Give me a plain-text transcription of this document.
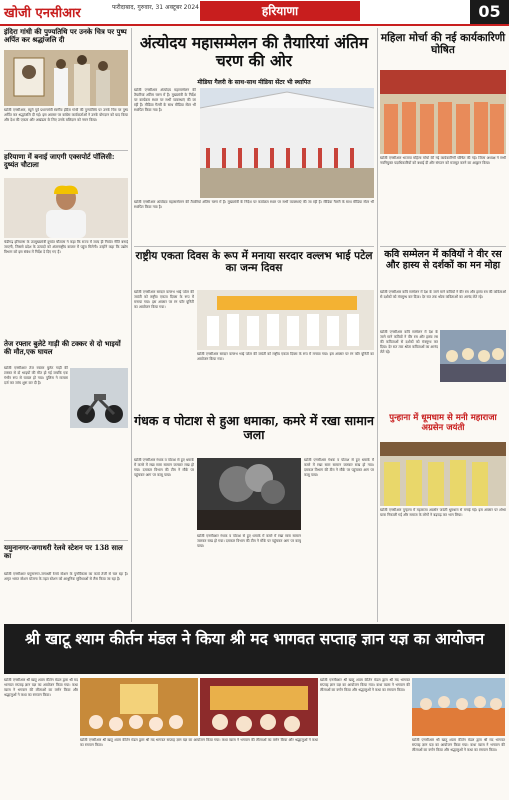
खोजी एनसीआर	फरीदाबाद, गुरुवार, 31 अक्टूबर 2024	हरियाणा	05
इंदिरा गांधी की पुण्यतिथि पर उनके चित्र पर पुष्प अर्पित कर श्रद्धांजलि दी
खोजी एनसीआर, ब्यूरो पूर्व प्रधानमंत्री स्वर्गीय इंदिरा गांधी की पुण्यतिथि पर उनके चित्र पर पुष्प अर्पित कर श्रद्धांजलि दी गई। इस अवसर पर कांग्रेस कार्यकर्ताओं ने उनके योगदान को याद किया और देश की एकता और अखंडता के लिए उनके बलिदान को नमन किया।
हरियाणा में बनाई जाएगी एक्सपोर्ट पॉलिसी: दुष्यंत चौटाला
चंडीगढ़ हरियाणा के उपमुख्यमंत्री दुष्यंत चौटाला ने कहा कि राज्य में जल्द ही निर्यात नीति बनाई जाएगी, जिससे प्रदेश के उत्पादों को अंतरराष्ट्रीय बाजार में पहुंच मिलेगी। उन्होंने कहा कि उद्योग विभाग को इस संबंध में निर्देश दे दिए गए हैं।
तेज रफ्तार बुलेटे गाड़ी की टक्कर से दो भाइयों की मौत,एक घायल
खोजी एनसीआर तेज रफ्तार बुलेट गाड़ी की टक्कर से दो भाइयों की मौत हो गई जबकि एक गंभीर रूप से घायल हो गया। पुलिस ने मामला दर्ज कर जांच शुरू कर दी है।
यमुनानगर-जगाधरी रेलवे स्टेशन पर 138 साल का
खोजी एनसीआर यमुनानगर-जगाधरी रेलवे स्टेशन के पुनर्विकास का कार्य तेजी से चल रहा है। अमृत भारत स्टेशन योजना के तहत स्टेशन को आधुनिक सुविधाओं से लैस किया जा रहा है।
अंत्योदय महासम्मेलन की तैयारियां अंतिम चरण की ओर
मीडिया गैलरी के साथ-साथ मीडिया सेंटर भी स्थापित
खोजी एनसीआर अंत्योदय महासम्मेलन की तैयारियां अंतिम चरण में हैं। मुख्यमंत्री के निर्देश पर कार्यक्रम स्थल पर सभी व्यवस्थाएं की जा रही हैं। मीडिया गैलरी के साथ मीडिया सेंटर भी स्थापित किया गया है।
खोजी एनसीआर अंत्योदय महासम्मेलन की तैयारियां अंतिम चरण में हैं। मुख्यमंत्री के निर्देश पर कार्यक्रम स्थल पर सभी व्यवस्थाएं की जा रही हैं। मीडिया गैलरी के साथ मीडिया सेंटर भी स्थापित किया गया है।
राष्ट्रीय एकता दिवस के रूप में मनाया सरदार वल्लभ भाई पटेल का जन्म दिवस
खोजी एनसीआर सरदार वल्लभ भाई पटेल की जयंती को राष्ट्रीय एकता दिवस के रूप में मनाया गया। इस अवसर पर रन फॉर यूनिटी का आयोजन किया गया।
खोजी एनसीआर सरदार वल्लभ भाई पटेल की जयंती को राष्ट्रीय एकता दिवस के रूप में मनाया गया। इस अवसर पर रन फॉर यूनिटी का आयोजन किया गया।
गंधक व पोटाश से हुआ धमाका, कमरे में रखा सामान जला
खोजी एनसीआर गंधक व पोटाश से हुए धमाके में कमरे में रखा सारा सामान जलकर राख हो गया। दमकल विभाग की टीम ने मौके पर पहुंचकर आग पर काबू पाया।
खोजी एनसीआर गंधक व पोटाश से हुए धमाके में कमरे में रखा सारा सामान जलकर राख हो गया। दमकल विभाग की टीम ने मौके पर पहुंचकर आग पर काबू पाया।
खोजी एनसीआर गंधक व पोटाश से हुए धमाके में कमरे में रखा सारा सामान जलकर राख हो गया। दमकल विभाग की टीम ने मौके पर पहुंचकर आग पर काबू पाया।
महिला मोर्चा की नई कार्यकारिणी घोषित
खोजी एनसीआर भाजपा महिला मोर्चा की नई कार्यकारिणी घोषित की गई। जिला अध्यक्ष ने सभी नवनियुक्त पदाधिकारियों को बधाई दी और संगठन को मजबूत करने का आह्वान किया।
कवि सम्मेलन में कवियों ने वीर रस और हास्य से दर्शकों का मन मोहा
खोजी एनसीआर कवि सम्मेलन में देश के जाने माने कवियों ने वीर रस और हास्य रस की कविताओं से दर्शकों को मंत्रमुग्ध कर दिया। देर रात तक श्रोता कविताओं का आनंद लेते रहे।
खोजी एनसीआर कवि सम्मेलन में देश के जाने माने कवियों ने वीर रस और हास्य रस की कविताओं से दर्शकों को मंत्रमुग्ध कर दिया। देर रात तक श्रोता कविताओं का आनंद लेते रहे।
पुन्हाना में धूमधाम से मनी महाराजा अग्रसेन जयंती
खोजी एनसीआर पुन्हाना में महाराजा अग्रसेन जयंती धूमधाम से मनाई गई। इस अवसर पर शोभा यात्रा निकाली गई और समाज के लोगों ने बढ़चढ़ कर भाग लिया।
श्री खाटू श्याम कीर्तन मंडल ने किया श्री मद भागवत सप्ताह ज्ञान यज्ञ का आयोजन
खोजी एनसीआर श्री खाटू श्याम कीर्तन मंडल द्वारा श्री मद भागवत सप्ताह ज्ञान यज्ञ का आयोजन किया गया। कथा व्यास ने भगवान की लीलाओं का वर्णन किया और श्रद्धालुओं ने कथा का रसपान किया।
खोजी एनसीआर श्री खाटू श्याम कीर्तन मंडल द्वारा श्री मद भागवत सप्ताह ज्ञान यज्ञ का आयोजन किया गया। कथा व्यास ने भगवान की लीलाओं का वर्णन किया और श्रद्धालुओं ने कथा का रसपान किया।
खोजी एनसीआर श्री खाटू श्याम कीर्तन मंडल द्वारा श्री मद भागवत सप्ताह ज्ञान यज्ञ का आयोजन किया गया। कथा व्यास ने भगवान की लीलाओं का वर्णन किया और श्रद्धालुओं ने कथा का रसपान किया।
खोजी एनसीआर श्री खाटू श्याम कीर्तन मंडल द्वारा श्री मद भागवत सप्ताह ज्ञान यज्ञ का आयोजन किया गया। कथा व्यास ने भगवान की लीलाओं का वर्णन किया और श्रद्धालुओं ने कथा का रसपान किया।
